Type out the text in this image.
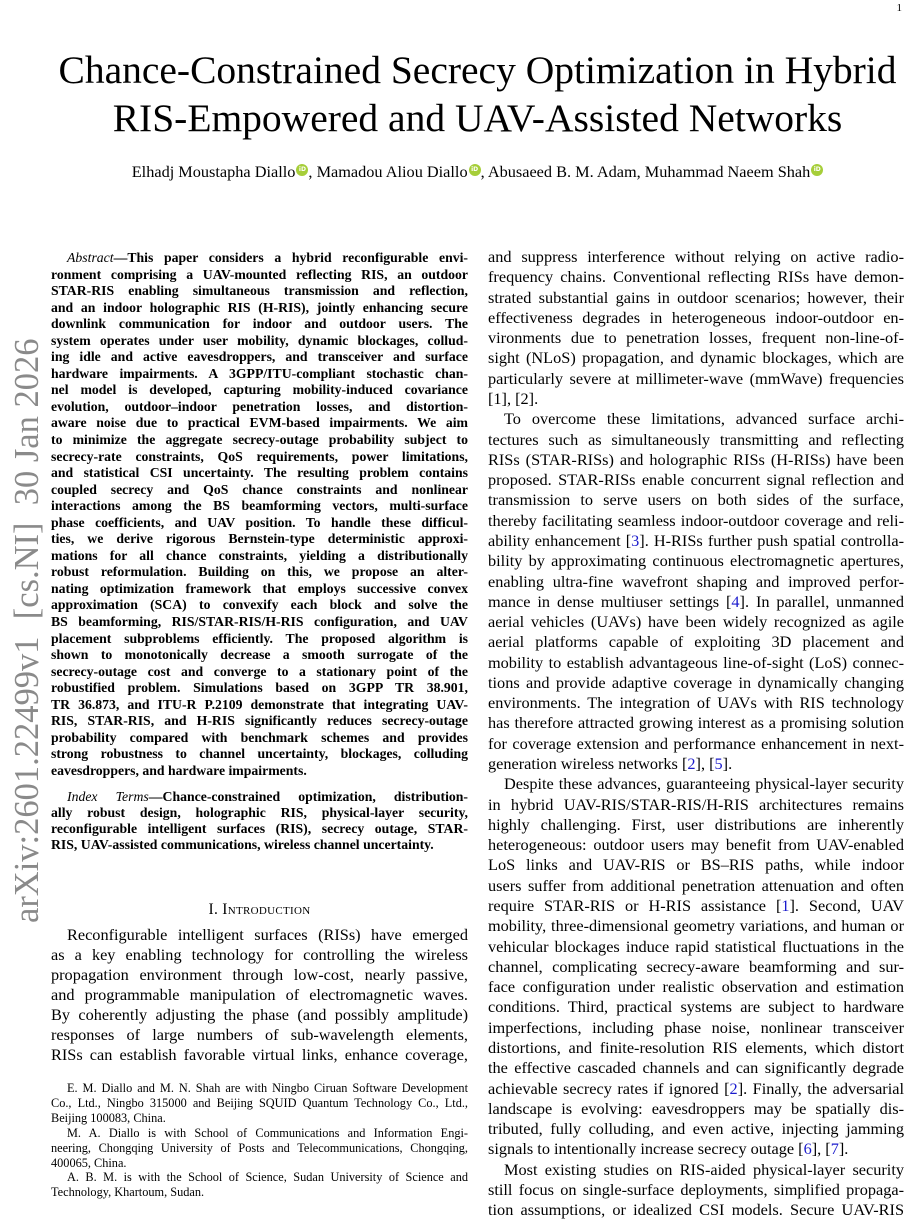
1
arXiv:2601.22499v1  [cs.NI]  30 Jan 2026
Chance-Constrained Secrecy Optimization in Hybrid
RIS-Empowered and UAV-Assisted Networks
Elhadj Moustapha Diallo iD , Mamadou Aliou Diallo iD , Abusaeed B. M. Adam, Muhammad Naeem Shah iD
Abstract—This paper considers a hybrid reconfigurable envi-
ronment comprising a UAV-mounted reflecting RIS, an outdoor
STAR-RIS enabling simultaneous transmission and reflection,
and an indoor holographic RIS (H-RIS), jointly enhancing secure
downlink communication for indoor and outdoor users. The
system operates under user mobility, dynamic blockages, collud-
ing idle and active eavesdroppers, and transceiver and surface
hardware impairments. A 3GPP/ITU-compliant stochastic chan-
nel model is developed, capturing mobility-induced covariance
evolution, outdoor–indoor penetration losses, and distortion-
aware noise due to practical EVM-based impairments. We aim
to minimize the aggregate secrecy-outage probability subject to
secrecy-rate constraints, QoS requirements, power limitations,
and statistical CSI uncertainty. The resulting problem contains
coupled secrecy and QoS chance constraints and nonlinear
interactions among the BS beamforming vectors, multi-surface
phase coefficients, and UAV position. To handle these difficul-
ties, we derive rigorous Bernstein-type deterministic approxi-
mations for all chance constraints, yielding a distributionally
robust reformulation. Building on this, we propose an alter-
nating optimization framework that employs successive convex
approximation (SCA) to convexify each block and solve the
BS beamforming, RIS/STAR-RIS/H-RIS configuration, and UAV
placement subproblems efficiently. The proposed algorithm is
shown to monotonically decrease a smooth surrogate of the
secrecy-outage cost and converge to a stationary point of the
robustified problem. Simulations based on 3GPP TR 38.901,
TR 36.873, and ITU-R P.2109 demonstrate that integrating UAV-
RIS, STAR-RIS, and H-RIS significantly reduces secrecy-outage
probability compared with benchmark schemes and provides
strong robustness to channel uncertainty, blockages, colluding
eavesdroppers, and hardware impairments.
Index Terms—Chance-constrained optimization, distribution-
ally robust design, holographic RIS, physical-layer security,
reconfigurable intelligent surfaces (RIS), secrecy outage, STAR-
RIS, UAV-assisted communications, wireless channel uncertainty.
I. Introduction
Reconfigurable intelligent surfaces (RISs) have emerged
as a key enabling technology for controlling the wireless
propagation environment through low-cost, nearly passive,
and programmable manipulation of electromagnetic waves.
By coherently adjusting the phase (and possibly amplitude)
responses of large numbers of sub-wavelength elements,
RISs can establish favorable virtual links, enhance coverage,
E. M. Diallo and M. N. Shah are with Ningbo Ciruan Software Development
Co., Ltd., Ningbo 315000 and Beijing SQUID Quantum Technology Co., Ltd.,
Beijing 100083, China.
M. A. Diallo is with School of Communications and Information Engi-
neering, Chongqing University of Posts and Telecommunications, Chongqing,
400065, China.
A. B. M. is with the School of Science, Sudan University of Science and
Technology, Khartoum, Sudan.
and suppress interference without relying on active radio-
frequency chains. Conventional reflecting RISs have demon-
strated substantial gains in outdoor scenarios; however, their
effectiveness degrades in heterogeneous indoor-outdoor en-
vironments due to penetration losses, frequent non-line-of-
sight (NLoS) propagation, and dynamic blockages, which are
particularly severe at millimeter-wave (mmWave) frequencies
[1], [2].
To overcome these limitations, advanced surface archi-
tectures such as simultaneously transmitting and reflecting
RISs (STAR-RISs) and holographic RISs (H-RISs) have been
proposed. STAR-RISs enable concurrent signal reflection and
transmission to serve users on both sides of the surface,
thereby facilitating seamless indoor-outdoor coverage and reli-
ability enhancement [3]. H-RISs further push spatial controlla-
bility by approximating continuous electromagnetic apertures,
enabling ultra-fine wavefront shaping and improved perfor-
mance in dense multiuser settings [4]. In parallel, unmanned
aerial vehicles (UAVs) have been widely recognized as agile
aerial platforms capable of exploiting 3D placement and
mobility to establish advantageous line-of-sight (LoS) connec-
tions and provide adaptive coverage in dynamically changing
environments. The integration of UAVs with RIS technology
has therefore attracted growing interest as a promising solution
for coverage extension and performance enhancement in next-
generation wireless networks [2], [5].
Despite these advances, guaranteeing physical-layer security
in hybrid UAV-RIS/STAR-RIS/H-RIS architectures remains
highly challenging. First, user distributions are inherently
heterogeneous: outdoor users may benefit from UAV-enabled
LoS links and UAV-RIS or BS–RIS paths, while indoor
users suffer from additional penetration attenuation and often
require STAR-RIS or H-RIS assistance [1]. Second, UAV
mobility, three-dimensional geometry variations, and human or
vehicular blockages induce rapid statistical fluctuations in the
channel, complicating secrecy-aware beamforming and sur-
face configuration under realistic observation and estimation
conditions. Third, practical systems are subject to hardware
imperfections, including phase noise, nonlinear transceiver
distortions, and finite-resolution RIS elements, which distort
the effective cascaded channels and can significantly degrade
achievable secrecy rates if ignored [2]. Finally, the adversarial
landscape is evolving: eavesdroppers may be spatially dis-
tributed, fully colluding, and even active, injecting jamming
signals to intentionally increase secrecy outage [6], [7].
Most existing studies on RIS-aided physical-layer security
still focus on single-surface deployments, simplified propaga-
tion assumptions, or idealized CSI models. Secure UAV-RIS
